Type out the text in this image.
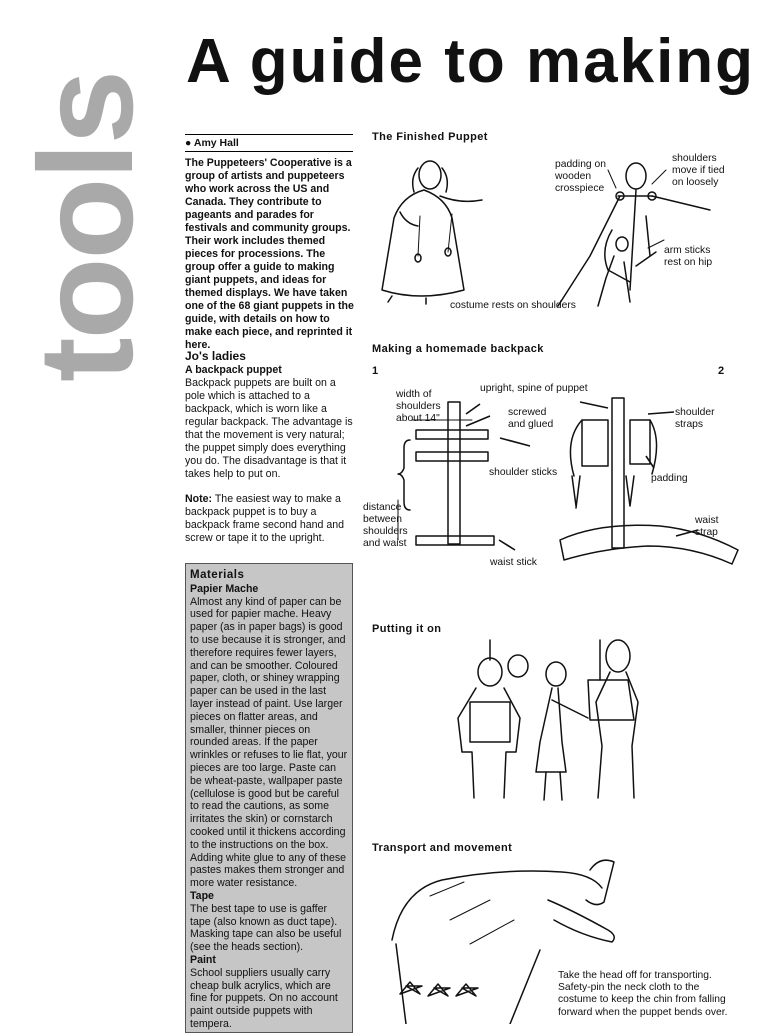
tools
A guide to making
● Amy Hall
The Puppeteers' Cooperative is a group of artists and puppeteers who work across the US and Canada. They contribute to pageants and parades for festivals and community groups. Their work includes themed pieces for processions. The group offer a guide to making giant puppets, and ideas for themed displays. We have taken one of the 68 giant puppets in the guide, with details on how to make each piece, and reprinted it here.
Jo's ladies
A backpack puppet
Backpack puppets are built on a pole which is attached to a backpack, which is worn like a regular backpack. The advantage is that the movement is very natural; the puppet simply does everything you do. The disadvantage is that it takes help to put on.
Note: The easiest way to make a backpack puppet is to buy a backpack frame second hand and screw or tape it to the upright.
Materials
Papier Mache
Almost any kind of paper can be used for papier mache. Heavy paper (as in paper bags) is good to use because it is stronger, and therefore requires fewer layers, and can be smoother. Coloured paper, cloth, or shiney wrapping paper can be used in the last layer instead of paint. Use larger pieces on flatter areas, and smaller, thinner pieces on rounded areas. If the paper wrinkles or refuses to lie flat, your pieces are too large. Paste can be wheat-paste, wallpaper paste (cellulose is good but be careful to read the cautions, as some irritates the skin) or cornstarch cooked until it thickens according to the instructions on the box. Adding white glue to any of these pastes makes them stronger and more water resistance.
Tape
The best tape to use is gaffer tape (also known as duct tape). Masking tape can also be useful (see the heads section).
Paint
School suppliers usually carry cheap bulk acrylics, which are fine for puppets. On no account paint outside puppets with tempera.
The Finished Puppet
Making a homemade backpack
Putting it on
Transport and movement
padding on
wooden
crosspiece
shoulders
move if tied
on loosely
arm sticks
rest on hip
costume rests on shoulders
1	2
width of
shoulders
about 14"
upright, spine of puppet
screwed
and glued
shoulder
straps
shoulder sticks
padding
distance
between
shoulders
and waist
waist
strap
waist stick
Take the head off for transporting. Safety-pin the neck cloth to the costume to keep the chin from falling forward when the puppet bends over.
